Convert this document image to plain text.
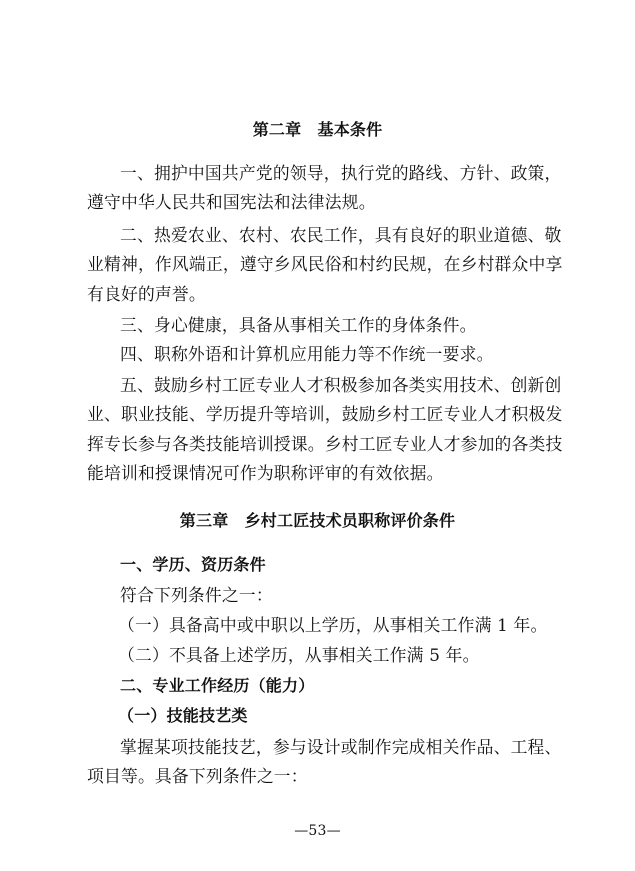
第二章　基本条件
一、拥护中国共产党的领导，执行党的路线、方针、政策，
遵守中华人民共和国宪法和法律法规。
二、热爱农业、农村、农民工作，具有良好的职业道德、敬
业精神，作风端正，遵守乡风民俗和村约民规，在乡村群众中享
有良好的声誉。
三、身心健康，具备从事相关工作的身体条件。
四、职称外语和计算机应用能力等不作统一要求。
五、鼓励乡村工匠专业人才积极参加各类实用技术、创新创
业、职业技能、学历提升等培训，鼓励乡村工匠专业人才积极发
挥专长参与各类技能培训授课。乡村工匠专业人才参加的各类技
能培训和授课情况可作为职称评审的有效依据。
第三章　乡村工匠技术员职称评价条件
一、学历、资历条件
符合下列条件之一：
（一）具备高中或中职以上学历，从事相关工作满 1 年。
（二）不具备上述学历，从事相关工作满 5 年。
二、专业工作经历（能力）
（一）技能技艺类
掌握某项技能技艺，参与设计或制作完成相关作品、工程、
项目等。具备下列条件之一：
—53—
